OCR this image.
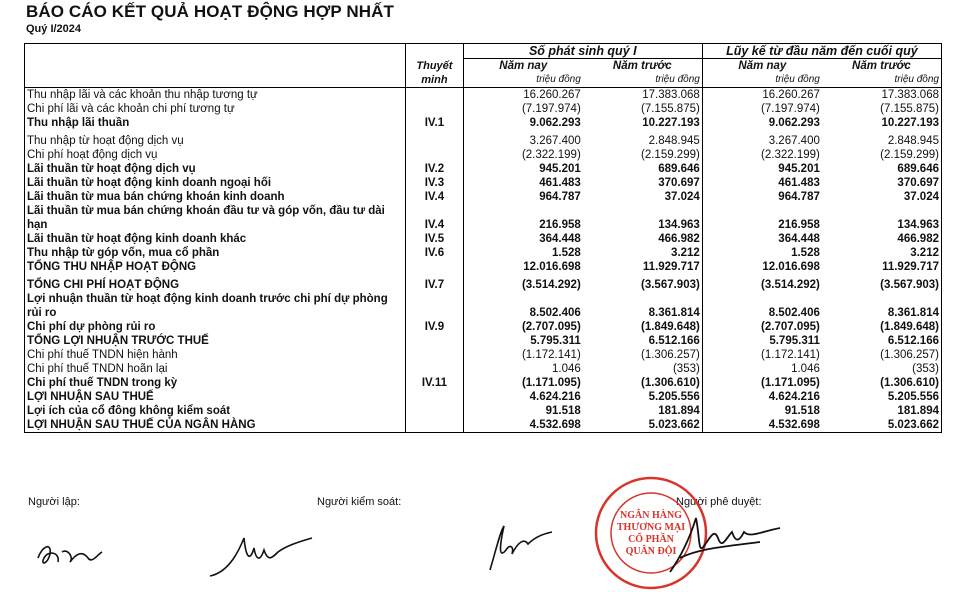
BÁO CÁO KẾT QUẢ HOẠT ĐỘNG HỢP NHẤT
Quý I/2024
	Thuyết minh	Số phát sinh quý I		Lũy kế từ đầu năm đến cuối quý	
		Năm nay	Năm trước	Năm nay	Năm trước
		triệu đồng	triệu đồng	triệu đồng	triệu đồng
Thu nhập lãi và các khoản thu nhập tương tự		16.260.267	17.383.068	16.260.267	17.383.068
Chi phí lãi và các khoản chi phí tương tự		(7.197.974)	(7.155.875)	(7.197.974)	(7.155.875)
Thu nhập lãi thuần	IV.1	9.062.293	10.227.193	9.062.293	10.227.193

Thu nhập từ hoạt động dịch vụ		3.267.400	2.848.945	3.267.400	2.848.945
Chi phí hoạt động dịch vụ		(2.322.199)	(2.159.299)	(2.322.199)	(2.159.299)
Lãi thuần từ hoạt động dịch vụ	IV.2	945.201	689.646	945.201	689.646
Lãi thuần từ hoạt động kinh doanh ngoại hối	IV.3	461.483	370.697	461.483	370.697
Lãi thuần từ mua bán chứng khoán kinh doanh	IV.4	964.787	37.024	964.787	37.024
Lãi thuần từ mua bán chứng khoán đầu tư và góp vốn, đầu tư dài hạn	IV.4	216.958	134.963	216.958	134.963
Lãi thuần từ hoạt động kinh doanh khác	IV.5	364.448	466.982	364.448	466.982
Thu nhập từ góp vốn, mua cổ phần	IV.6	1.528	3.212	1.528	3.212
TỔNG THU NHẬP HOẠT ĐỘNG		12.016.698	11.929.717	12.016.698	11.929.717

TỔNG CHI PHÍ HOẠT ĐỘNG	IV.7	(3.514.292)	(3.567.903)	(3.514.292)	(3.567.903)
Lợi nhuận thuần từ hoạt động kinh doanh trước chi phí dự phòng rủi ro		8.502.406	8.361.814	8.502.406	8.361.814
Chi phí dự phòng rủi ro	IV.9	(2.707.095)	(1.849.648)	(2.707.095)	(1.849.648)
TỔNG LỢI NHUẬN TRƯỚC THUẾ		5.795.311	6.512.166	5.795.311	6.512.166
Chi phí thuế TNDN hiện hành		(1.172.141)	(1.306.257)	(1.172.141)	(1.306.257)
Chi phí thuế TNDN hoãn lại		1.046	(353)	1.046	(353)
Chi phí thuế TNDN trong kỳ	IV.11	(1.171.095)	(1.306.610)	(1.171.095)	(1.306.610)
LỢI NHUẬN SAU THUẾ		4.624.216	5.205.556	4.624.216	5.205.556
Lợi ích của cổ đông không kiểm soát		91.518	181.894	91.518	181.894
LỢI NHUẬN SAU THUẾ CỦA NGÂN HÀNG		4.532.698	5.023.662	4.532.698	5.023.662
Người lập:	Người kiểm soát:	Người phê duyệt:
NGÂN HÀNG
THƯƠNG MẠI
CỔ PHẦN
QUÂN ĐỘI
